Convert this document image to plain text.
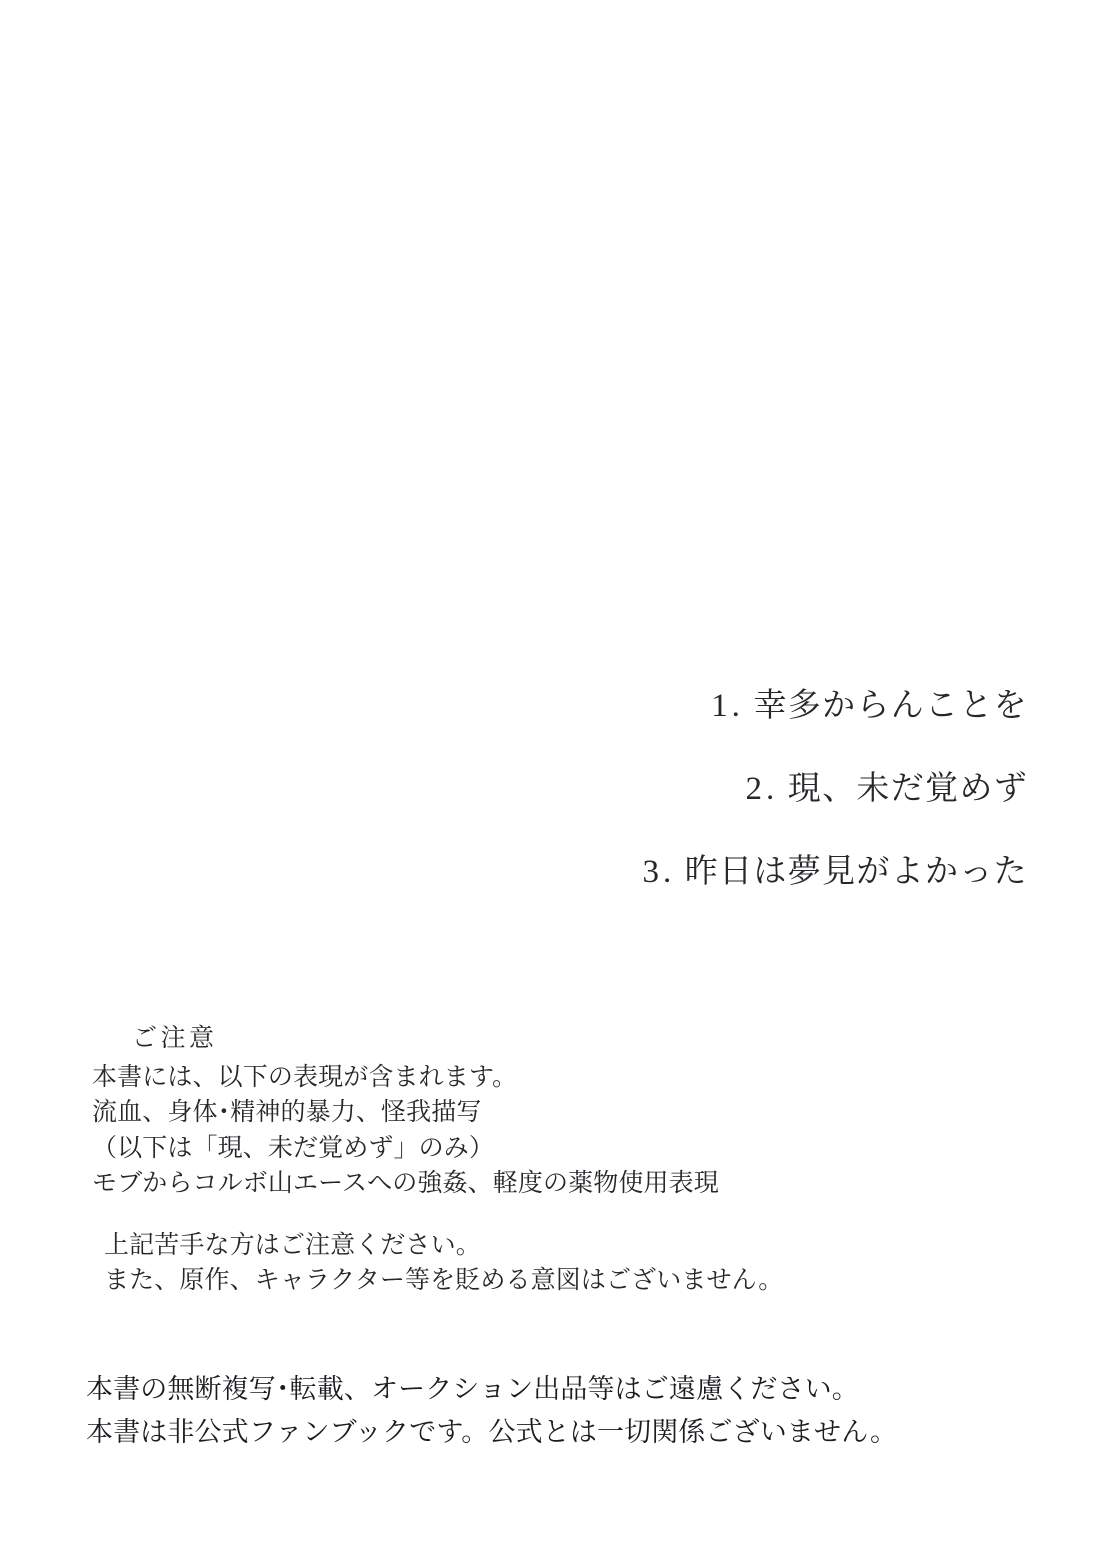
1. 幸多からんことを
2. 現、未だ覚めず
3. 昨日は夢見がよかった
ご注意
本書には、以下の表現が含まれます。
流血、身体･精神的暴力、怪我描写
（以下は「現、未だ覚めず」のみ）
モブからコルボ山エースへの強姦、軽度の薬物使用表現
上記苦手な方はご注意ください。
また、原作、キャラクター等を貶める意図はございません。
本書の無断複写･転載、オークション出品等はご遠慮ください。
本書は非公式ファンブックです。公式とは一切関係ございません。
